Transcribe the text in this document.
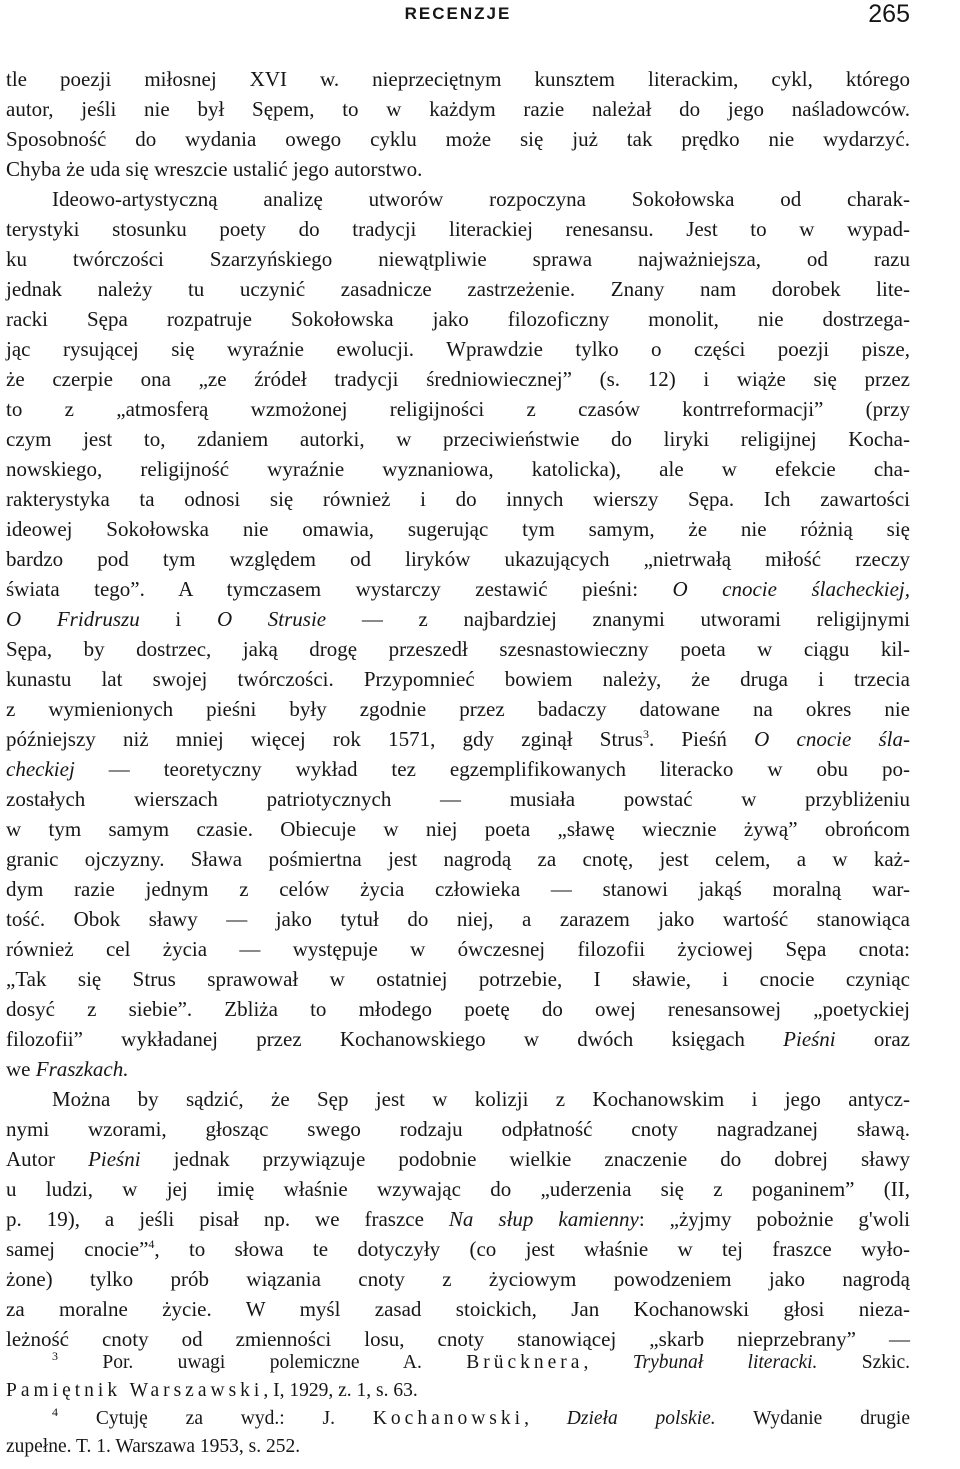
RECENZJE	265

tle poezji miłosnej XVI w. nieprzeciętnym kunsztem literackim, cykl, którego

autor, jeśli nie był Sępem, to w każdym razie należał do jego naśladowców.

Sposobność do wydania owego cyklu może się już tak prędko nie wydarzyć.

Chyba że uda się wreszcie ustalić jego autorstwo.

Ideowo-artystyczną analizę utworów rozpoczyna Sokołowska od charak-

terystyki stosunku poety do tradycji literackiej renesansu. Jest to w wypad-

ku twórczości Szarzyńskiego niewątpliwie sprawa najważniejsza, od razu

jednak należy tu uczynić zasadnicze zastrzeżenie. Znany nam dorobek lite-

racki Sępa rozpatruje Sokołowska jako filozoficzny monolit, nie dostrzega-

jąc rysującej się wyraźnie ewolucji. Wprawdzie tylko o części poezji pisze,

że czerpie ona „ze źródeł tradycji średniowiecznej” (s. 12) i wiąże się przez

to z „atmosferą wzmożonej religijności z czasów kontrreformacji” (przy

czym jest to, zdaniem autorki, w przeciwieństwie do liryki religijnej Kocha-

nowskiego, religijność wyraźnie wyznaniowa, katolicka), ale w efekcie cha-

rakterystyka ta odnosi się również i do innych wierszy Sępa. Ich zawartości

ideowej Sokołowska nie omawia, sugerując tym samym, że nie różnią się

bardzo pod tym względem od liryków ukazujących „nietrwałą miłość rzeczy

świata tego”. A tymczasem wystarczy zestawić pieśni: O cnocie ślacheckiej,

O Fridruszu i O Strusie — z najbardziej znanymi utworami religijnymi

Sępa, by dostrzec, jaką drogę przeszedł szesnastowieczny poeta w ciągu kil-

kunastu lat swojej twórczości. Przypomnieć bowiem należy, że druga i trzecia

z wymienionych pieśni były zgodnie przez badaczy datowane na okres nie

późniejszy niż mniej więcej rok 1571, gdy zginął Strus$^3$. Pieśń O cnocie śla-

checkiej — teoretyczny wykład tez egzemplifikowanych literacko w obu po-

zostałych wierszach patriotycznych — musiała powstać w przybliżeniu

w tym samym czasie. Obiecuje w niej poeta „sławę wiecznie żywą” obrońcom

granic ojczyzny. Sława pośmiertna jest nagrodą za cnotę, jest celem, a w każ-

dym razie jednym z celów życia człowieka — stanowi jakąś moralną war-

tość. Obok sławy — jako tytuł do niej, a zarazem jako wartość stanowiąca

również cel życia — występuje w ówczesnej filozofii życiowej Sępa cnota:

„Tak się Strus sprawował w ostatniej potrzebie, I sławie, i cnocie czyniąc

dosyć z siebie”. Zbliża to młodego poetę do owej renesansowej „poetyckiej

filozofii” wykładanej przez Kochanowskiego w dwóch księgach Pieśni oraz

we Fraszkach.

Można by sądzić, że Sęp jest w kolizji z Kochanowskim i jego antycz-

nymi wzorami, głosząc swego rodzaju odpłatność cnoty nagradzanej sławą.

Autor Pieśni jednak przywiązuje podobnie wielkie znaczenie do dobrej sławy

u ludzi, w jej imię właśnie wzywając do „uderzenia się z poganinem” (II,

p. 19), a jeśli pisał np. we fraszce Na słup kamienny: „żyjmy pobożnie g'woli

samej cnocie”$^4$, to słowa te dotyczyły (co jest właśnie w tej fraszce wyło-

żone) tylko prób wiązania cnoty z życiowym powodzeniem jako nagrodą

za moralne życie. W myśl zasad stoickich, Jan Kochanowski głosi nieza-

leżność cnoty od zmienności losu, cnoty stanowiącej „skarb nieprzebrany” —

$^3$ Por. uwagi polemiczne A. Brücknera, Trybunał literacki. Szkic.

Pamiętnik Warszawski, I, 1929, z. 1, s. 63.

$^4$ Cytuję za wyd.: J. Kochanowski, Dzieła polskie. Wydanie drugie

zupełne. T. 1. Warszawa 1953, s. 252.
